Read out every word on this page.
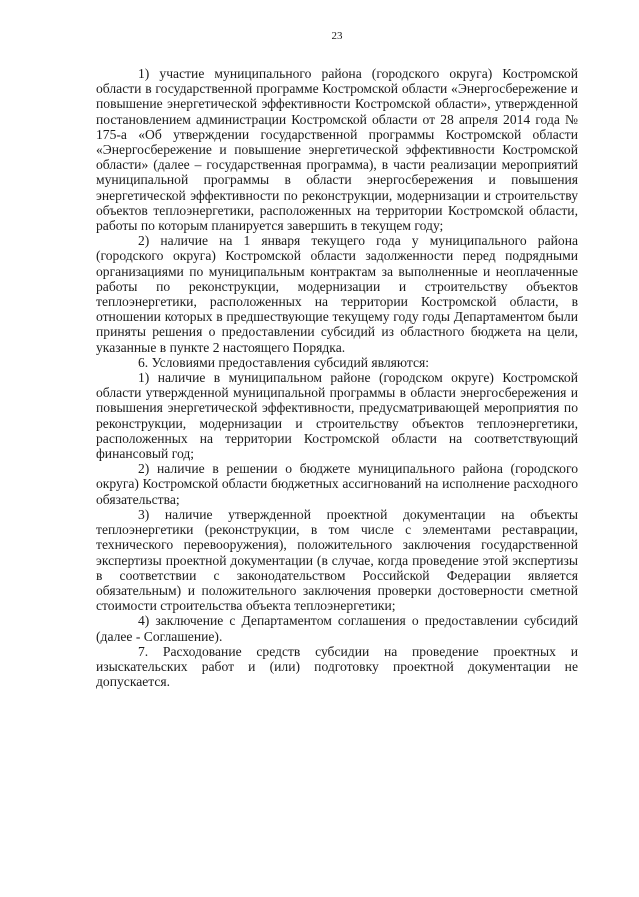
23

1) участие муниципального района (городского округа) Костромской области в государственной программе Костромской области «Энергосбережение и повышение энергетической эффективности Костромской области», утвержденной постановлением администрации Костромской области от 28 апреля 2014 года № 175-а «Об утверждении государственной программы Костромской области «Энергосбережение и повышение энергетической эффективности Костромской области» (далее – государственная программа), в части реализации мероприятий муниципальной программы в области энергосбережения и повышения энергетической эффективности по реконструкции, модернизации и строительству объектов теплоэнергетики, расположенных на территории Костромской области, работы по которым планируется завершить в текущем году;

2) наличие на 1 января текущего года у муниципального района (городского округа) Костромской области задолженности перед подрядными организациями по муниципальным контрактам за выполненные и неоплаченные работы по реконструкции, модернизации и строительству объектов теплоэнергетики, расположенных на территории Костромской области, в отношении которых в предшествующие текущему году годы Департаментом были приняты решения о предоставлении субсидий из областного бюджета на цели, указанные в пункте 2 настоящего Порядка.

6. Условиями предоставления субсидий являются:

1) наличие в муниципальном районе (городском округе) Костромской области утвержденной муниципальной программы в области энергосбережения и повышения энергетической эффективности, предусматривающей мероприятия по реконструкции, модернизации и строительству объектов теплоэнергетики, расположенных на территории Костромской области на соответствующий финансовый год;

2) наличие в решении о бюджете муниципального района (городского округа) Костромской области бюджетных ассигнований на исполнение расходного обязательства;

3) наличие утвержденной проектной документации на объекты теплоэнергетики (реконструкции, в том числе с элементами реставрации, технического перевооружения), положительного заключения государственной экспертизы проектной документации (в случае, когда проведение этой экспертизы в соответствии с законодательством Российской Федерации является обязательным) и положительного заключения проверки достоверности сметной стоимости строительства объекта теплоэнергетики;

4) заключение с Департаментом соглашения о предоставлении субсидий (далее - Соглашение).

7. Расходование средств субсидии на проведение проектных и изыскательских работ и (или) подготовку проектной документации не допускается.
